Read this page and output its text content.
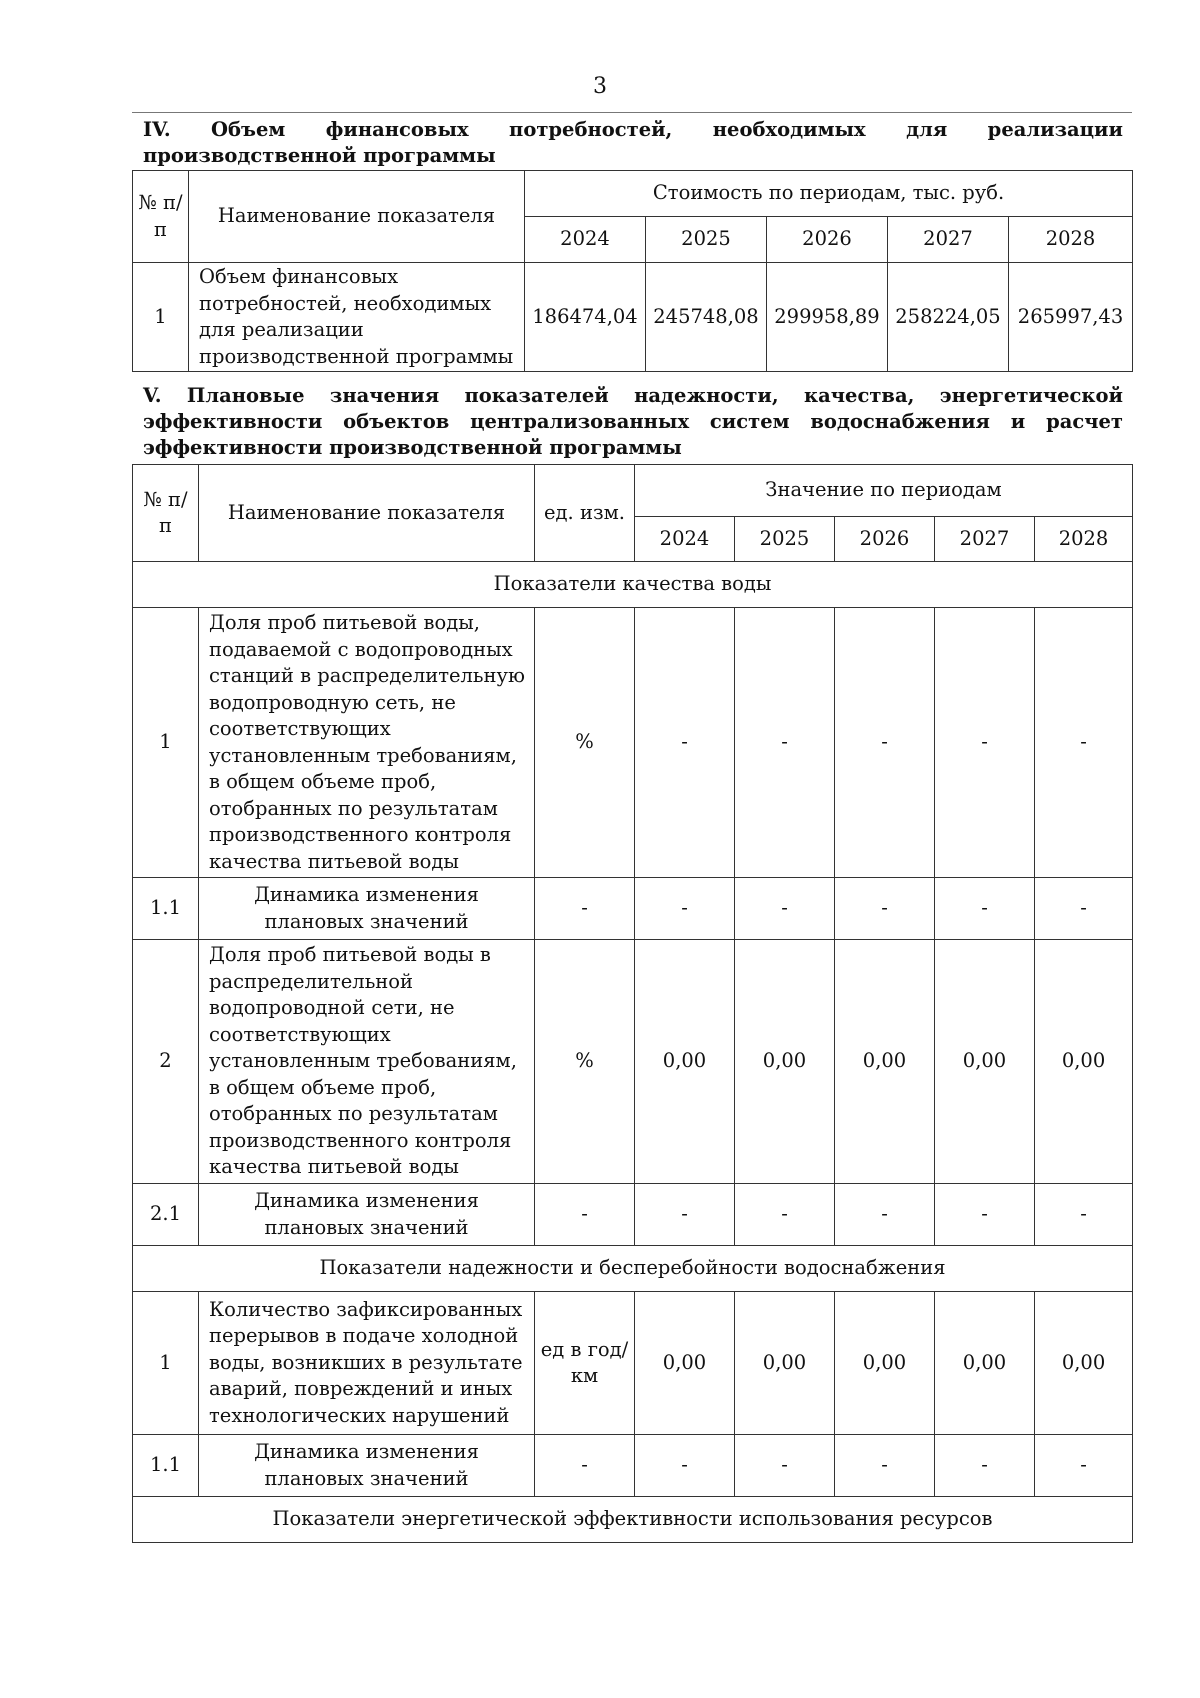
3
IV. Объем финансовых потребностей, необходимых для реализации производственной программы
№ п/п	Наименование показателя	Стоимость по периодам, тыс. руб.				
		2024	2025	2026	2027	2028
1	Объем финансовых потребностей, необходимых для реализации производственной программы	186474,04	245748,08	299958,89	258224,05	265997,43
V. Плановые значения показателей надежности, качества, энергетической эффективности объектов централизованных систем водоснабжения и расчет эффективности производственной программы
№ п/п	Наименование показателя	ед. изм.	Значение по периодам				
			2024	2025	2026	2027	2028
Показатели качества воды							
1	Доля проб питьевой воды, подаваемой с водопроводных станций в распределительную водопроводную сеть, не соответствующих установленным требованиям, в общем объеме проб, отобранных по результатам производственного контроля качества питьевой воды	%	-	-	-	-	-
1.1	Динамика изменения плановых значений	-	-	-	-	-	-
2	Доля проб питьевой воды в распределительной водопроводной сети, не соответствующих установленным требованиям, в общем объеме проб, отобранных по результатам производственного контроля качества питьевой воды	%	0,00	0,00	0,00	0,00	0,00
2.1	Динамика изменения плановых значений	-	-	-	-	-	-
Показатели надежности и бесперебойности водоснабжения							
1	Количество зафиксированных перерывов в подаче холодной воды, возникших в результате аварий, повреждений и иных технологических нарушений	ед в год/ км	0,00	0,00	0,00	0,00	0,00
1.1	Динамика изменения плановых значений	-	-	-	-	-	-
Показатели энергетической эффективности использования ресурсов							
